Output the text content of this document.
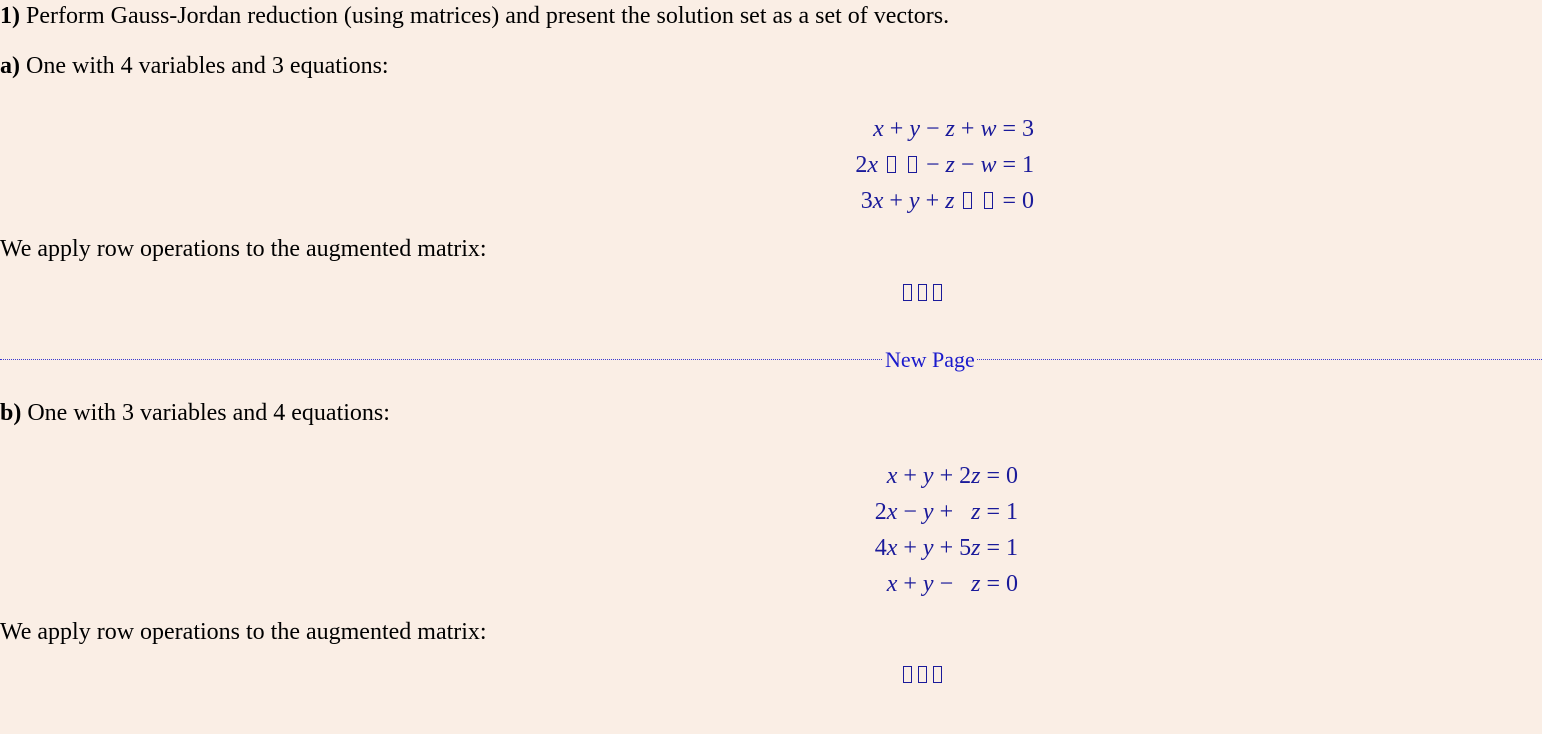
1) Perform Gauss-Jordan reduction (using matrices) and present the solution set as a set of vectors.
a) One with 4 variables and 3 equations:
x + y − z + w = 3
2x   − z − w = 1
3x + y + z   = 0
We apply row operations to the augmented matrix:
New Page
b) One with 3 variables and 4 equations:
x + y + 2z = 0
2x − y +   z = 1
4x + y + 5z = 1
x + y −   z = 0
We apply row operations to the augmented matrix:
